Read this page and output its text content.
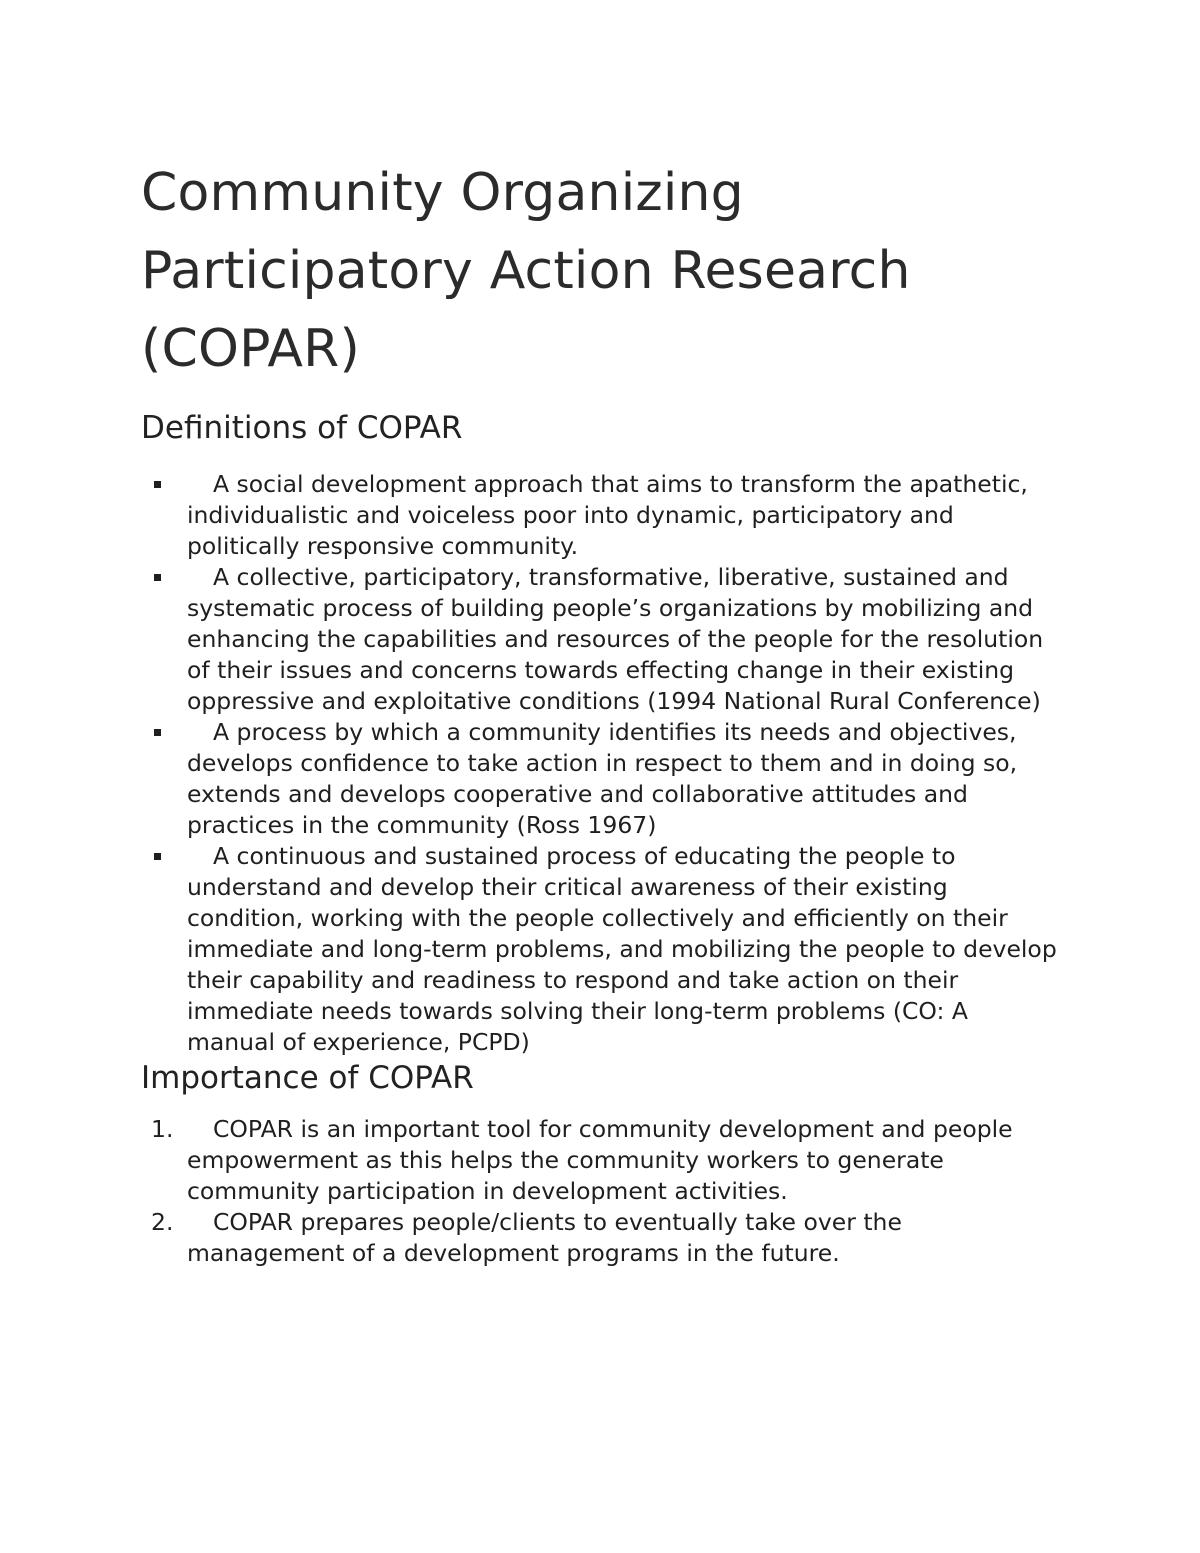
Community Organizing
Participatory Action Research
(COPAR)
Definitions of COPAR
A social development approach that aims to transform the apathetic, individualistic and voiceless poor into dynamic, participatory and politically responsive community.
A collective, participatory, transformative, liberative, sustained and systematic process of building people’s organizations by mobilizing and enhancing the capabilities and resources of the people for the resolution of their issues and concerns towards effecting change in their existing oppressive and exploitative conditions (1994 National Rural Conference)
A process by which a community identifies its needs and objectives, develops confidence to take action in respect to them and in doing so, extends and develops cooperative and collaborative attitudes and practices in the community (Ross 1967)
A continuous and sustained process of educating the people to understand and develop their critical awareness of their existing condition, working with the people collectively and efficiently on their immediate and long-term problems, and mobilizing the people to develop their capability and readiness to respond and take action on their immediate needs towards solving their long-term problems (CO: A manual of experience, PCPD)
Importance of COPAR
1.	COPAR is an important tool for community development and people empowerment as this helps the community workers to generate community participation in development activities.
2.	COPAR prepares people/clients to eventually take over the management of a development programs in the future.
